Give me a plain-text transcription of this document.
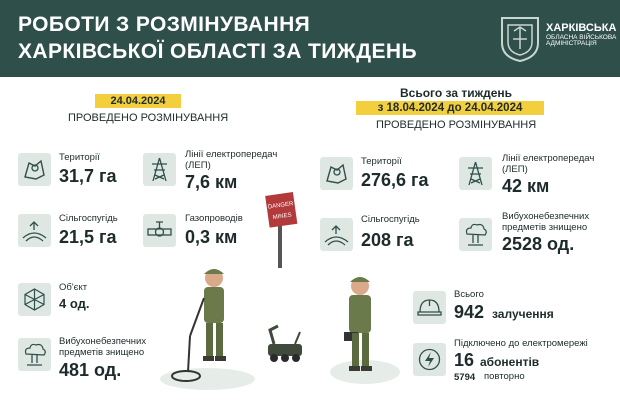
РОБОТИ З РОЗМІНУВАННЯ
ХАРКІВСЬКОЇ ОБЛАСТІ ЗА ТИЖДЕНЬ
ХАРКІВСЬКА
ОБЛАСНА ВІЙСЬКОВА
АДМІНІСТРАЦІЯ
24.04.2024
ПРОВЕДЕНО РОЗМІНУВАННЯ
Всього за тиждень
з 18.04.2024 до 24.04.2024
ПРОВЕДЕНО РОЗМІНУВАННЯ
Території
31,7 га
Лінії електропередач
(ЛЕП)
7,6 км
Сільгоспугідь
21,5 га
Газопроводів
0,3 км
Об'єкт
4 од.
Вибухонебезпечних
предметів знищено
481 од.
Території
276,6 га
Лінії електропередач
(ЛЕП)
42 км
Сільгоспугідь
208 га
Вибухонебезпечних
предметів знищено
2528 од.
Всього
942 залучення
Підключено до електромережі
16 абонентів
5794 повторно
DANGER
MINES
